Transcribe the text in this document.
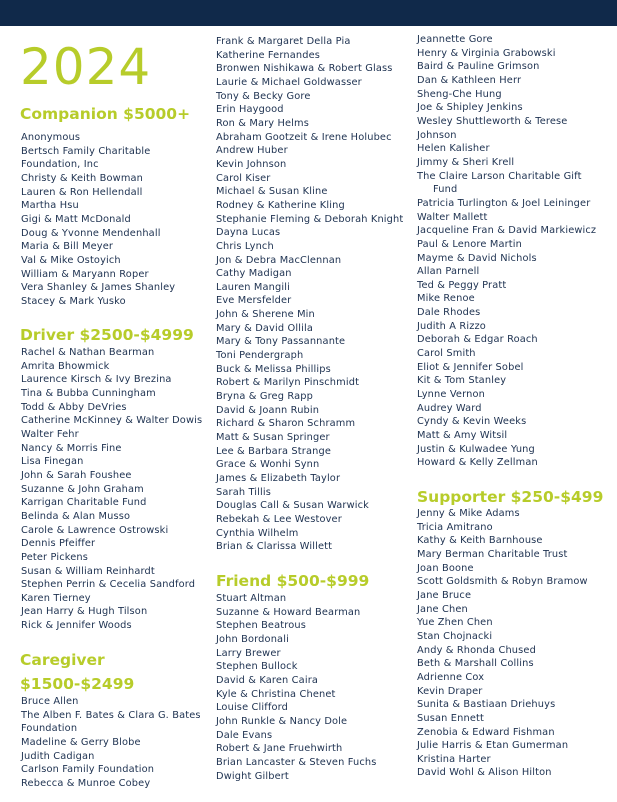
2024
Companion $5000+
Anonymous
Bertsch Family Charitable
Foundation, Inc
Christy & Keith Bowman
Lauren & Ron Hellendall
Martha Hsu
Gigi & Matt McDonald
Doug & Yvonne Mendenhall
Maria & Bill Meyer
Val & Mike Ostoyich
William & Maryann Roper
Vera Shanley & James Shanley
Stacey & Mark Yusko
Driver $2500-$4999
Rachel & Nathan Bearman
Amrita Bhowmick
Laurence Kirsch & Ivy Brezina
Tina & Bubba Cunningham
Todd & Abby DeVries
Catherine McKinney & Walter Dowis
Walter Fehr
Nancy & Morris Fine
Lisa Finegan
John & Sarah Foushee
Suzanne & John Graham
Karrigan Charitable Fund
Belinda & Alan Musso
Carole & Lawrence Ostrowski
Dennis Pfeiffer
Peter Pickens
Susan & William Reinhardt
Stephen Perrin & Cecelia Sandford
Karen Tierney
Jean Harry & Hugh Tilson
Rick & Jennifer Woods
Caregiver
$1500-$2499
Bruce Allen
The Alben F. Bates & Clara G. Bates
Foundation
Madeline & Gerry Blobe
Judith Cadigan
Carlson Family Foundation
Rebecca & Munroe Cobey
Frank & Margaret Della Pia
Katherine Fernandes
Bronwen Nishikawa & Robert Glass
Laurie & Michael Goldwasser
Tony & Becky Gore
Erin Haygood
Ron & Mary Helms
Abraham Gootzeit & Irene Holubec
Andrew Huber
Kevin Johnson
Carol Kiser
Michael & Susan Kline
Rodney & Katherine Kling
Stephanie Fleming & Deborah Knight
Dayna Lucas
Chris Lynch
Jon & Debra MacClennan
Cathy Madigan
Lauren Mangili
Eve Mersfelder
John & Sherene Min
Mary & David Ollila
Mary & Tony Passannante
Toni Pendergraph
Buck & Melissa Phillips
Robert & Marilyn Pinschmidt
Bryna & Greg Rapp
David & Joann Rubin
Richard & Sharon Schramm
Matt & Susan Springer
Lee & Barbara Strange
Grace & Wonhi Synn
James & Elizabeth Taylor
Sarah Tillis
Douglas Call & Susan Warwick
Rebekah & Lee Westover
Cynthia Wilhelm
Brian & Clarissa Willett
Friend $500-$999
Stuart Altman
Suzanne & Howard Bearman
Stephen Beatrous
John Bordonali
Larry Brewer
Stephen Bullock
David & Karen Caira
Kyle & Christina Chenet
Louise Clifford
John Runkle & Nancy Dole
Dale Evans
Robert & Jane Fruehwirth
Brian Lancaster & Steven Fuchs
Dwight Gilbert
Jeannette Gore
Henry & Virginia Grabowski
Baird & Pauline Grimson
Dan & Kathleen Herr
Sheng-Che Hung
Joe & Shipley Jenkins
Wesley Shuttleworth & Terese
Johnson
Helen Kalisher
Jimmy & Sheri Krell
The Claire Larson Charitable Gift
Fund
Patricia Turlington & Joel Leininger
Walter Mallett
Jacqueline Fran & David Markiewicz
Paul & Lenore Martin
Mayme & David Nichols
Allan Parnell
Ted & Peggy Pratt
Mike Renoe
Dale Rhodes
Judith A Rizzo
Deborah & Edgar Roach
Carol Smith
Eliot & Jennifer Sobel
Kit & Tom Stanley
Lynne Vernon
Audrey Ward
Cyndy & Kevin Weeks
Matt & Amy Witsil
Justin & Kulwadee Yung
Howard & Kelly Zellman
Supporter $250-$499
Jenny & Mike Adams
Tricia Amitrano
Kathy & Keith Barnhouse
Mary Berman Charitable Trust
Joan Boone
Scott Goldsmith & Robyn Bramow
Jane Bruce
Jane Chen
Yue Zhen Chen
Stan Chojnacki
Andy & Rhonda Chused
Beth & Marshall Collins
Adrienne Cox
Kevin Draper
Sunita & Bastiaan Driehuys
Susan Ennett
Zenobia & Edward Fishman
Julie Harris & Etan Gumerman
Kristina Harter
David Wohl & Alison Hilton
